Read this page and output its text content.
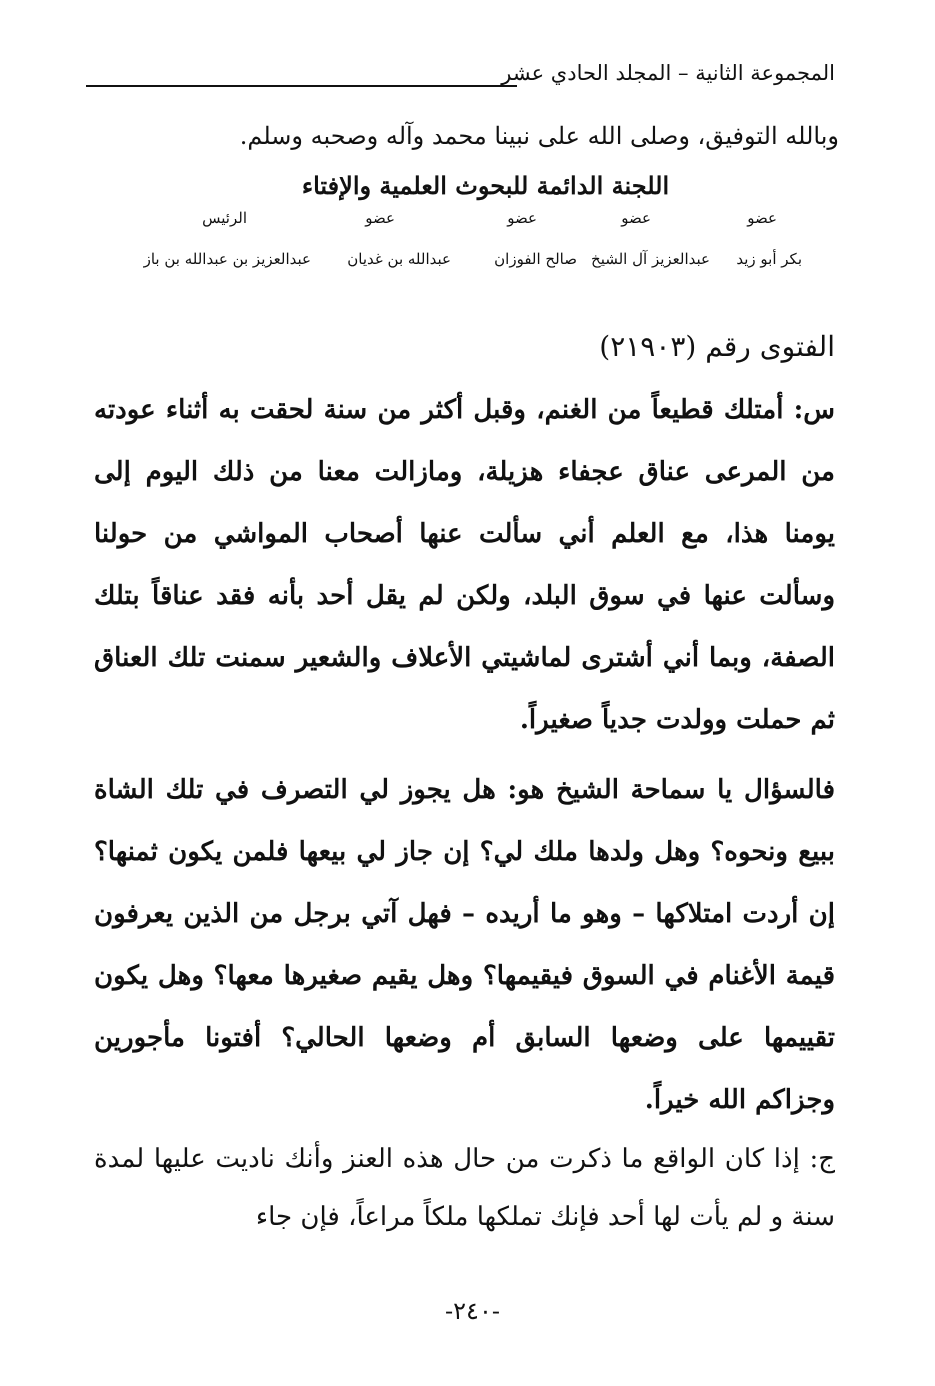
المجموعة الثانية – المجلد الحادي عشر
وبالله التوفيق، وصلى الله على نبينا محمد وآله وصحبه وسلم.
اللجنة الدائمة للبحوث العلمية والإفتاء
عضو
عضو
عضو
عضو
الرئيس
بكر أبو زيد
عبدالعزيز آل الشيخ
صالح الفوزان
عبدالله بن غديان
عبدالعزيز بن عبدالله بن باز
الفتوى رقم (٢١٩٠٣)
س: أمتلك قطيعاً من الغنم، وقبل أكثر من سنة لحقت به أثناء عودته من المرعى عناق عجفاء هزيلة، ومازالت معنا من ذلك اليوم إلى يومنا هذا، مع العلم أني سألت عنها أصحاب المواشي من حولنا وسألت عنها في سوق البلد، ولكن لم يقل أحد بأنه فقد عناقاً بتلك الصفة، وبما أني أشترى لماشيتي الأعلاف والشعير سمنت تلك العناق ثم حملت وولدت جدياً صغيراً.
فالسؤال يا سماحة الشيخ هو: هل يجوز لي التصرف في تلك الشاة ببيع ونحوه؟ وهل ولدها ملك لي؟ إن جاز لي بيعها فلمن يكون ثمنها؟ إن أردت امتلاكها – وهو ما أريده – فهل آتي برجل من الذين يعرفون قيمة الأغنام في السوق فيقيمها؟ وهل يقيم صغيرها معها؟ وهل يكون تقييمها على وضعها السابق أم وضعها الحالي؟ أفتونا مأجورين وجزاكم الله خيراً.
ج: إذا كان الواقع ما ذكرت من حال هذه العنز وأنك ناديت عليها لمدة سنة و لم يأت لها أحد فإنك تملكها ملكاً مراعاً، فإن جاء
-٢٤٠-
